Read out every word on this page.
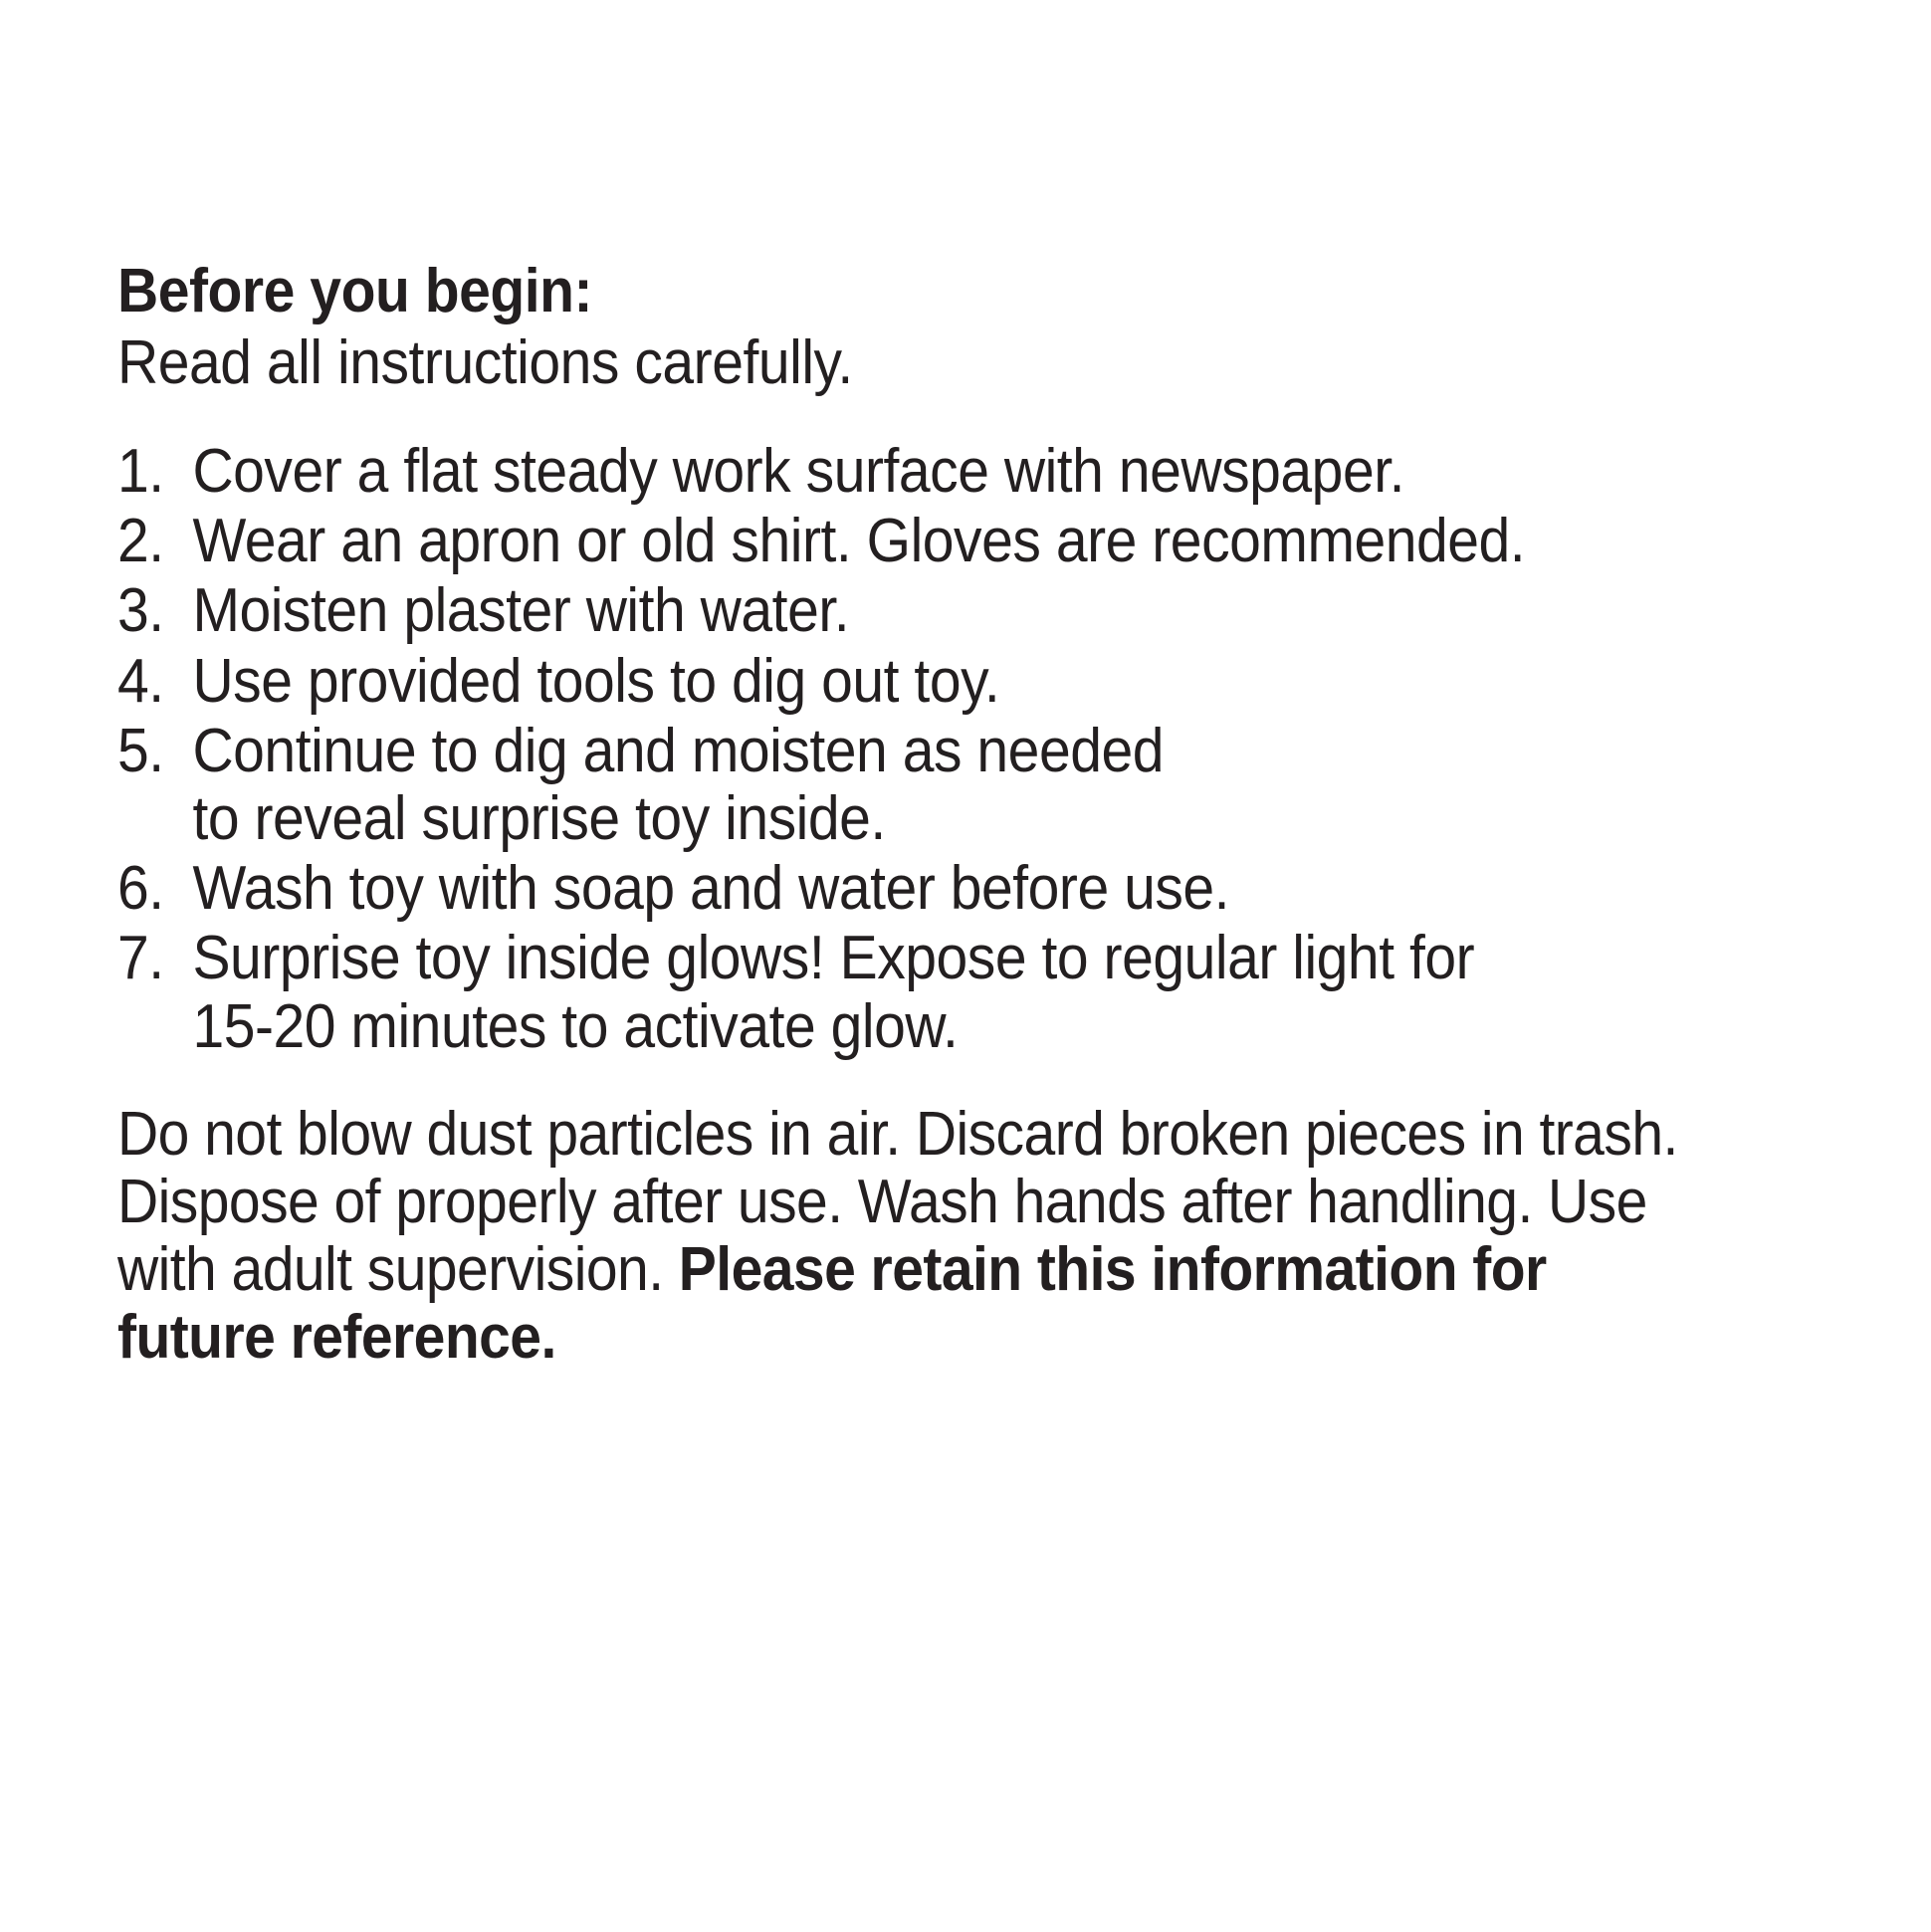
Before you begin:

Read all instructions carefully.

1. Cover a flat steady work surface with newspaper.
2. Wear an apron or old shirt. Gloves are recommended.
3. Moisten plaster with water.
4. Use provided tools to dig out toy.
5. Continue to dig and moisten as needed
to reveal surprise toy inside.
6. Wash toy with soap and water before use.
7. Surprise toy inside glows! Expose to regular light for
15-20 minutes to activate glow.

Do not blow dust particles in air. Discard broken pieces in trash. Dispose of properly after use. Wash hands after handling. Use with adult supervision. Please retain this information for future reference.
